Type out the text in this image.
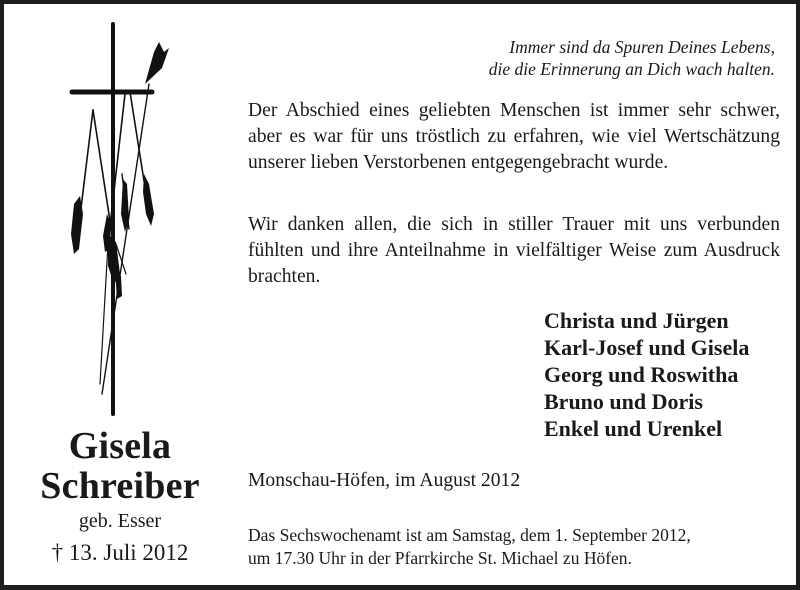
Gisela
Schreiber
geb. Esser
† 13. Juli 2012
Immer sind da Spuren Deines Lebens,
die die Erinnerung an Dich wach halten.
Der Abschied eines geliebten Menschen ist immer sehr schwer, aber es war für uns tröstlich zu erfahren, wie viel Wertschätzung unserer lieben Verstorbenen entgegengebracht wurde.
Wir danken allen, die sich in stiller Trauer mit uns verbunden fühlten und ihre Anteilnahme in vielfältiger Weise zum Ausdruck brachten.
Christa und Jürgen
Karl-Josef und Gisela
Georg und Roswitha
Bruno und Doris
Enkel und Urenkel
Monschau-Höfen, im August 2012
Das Sechswochenamt ist am Samstag, dem 1. September 2012,
um 17.30 Uhr in der Pfarrkirche St. Michael zu Höfen.
